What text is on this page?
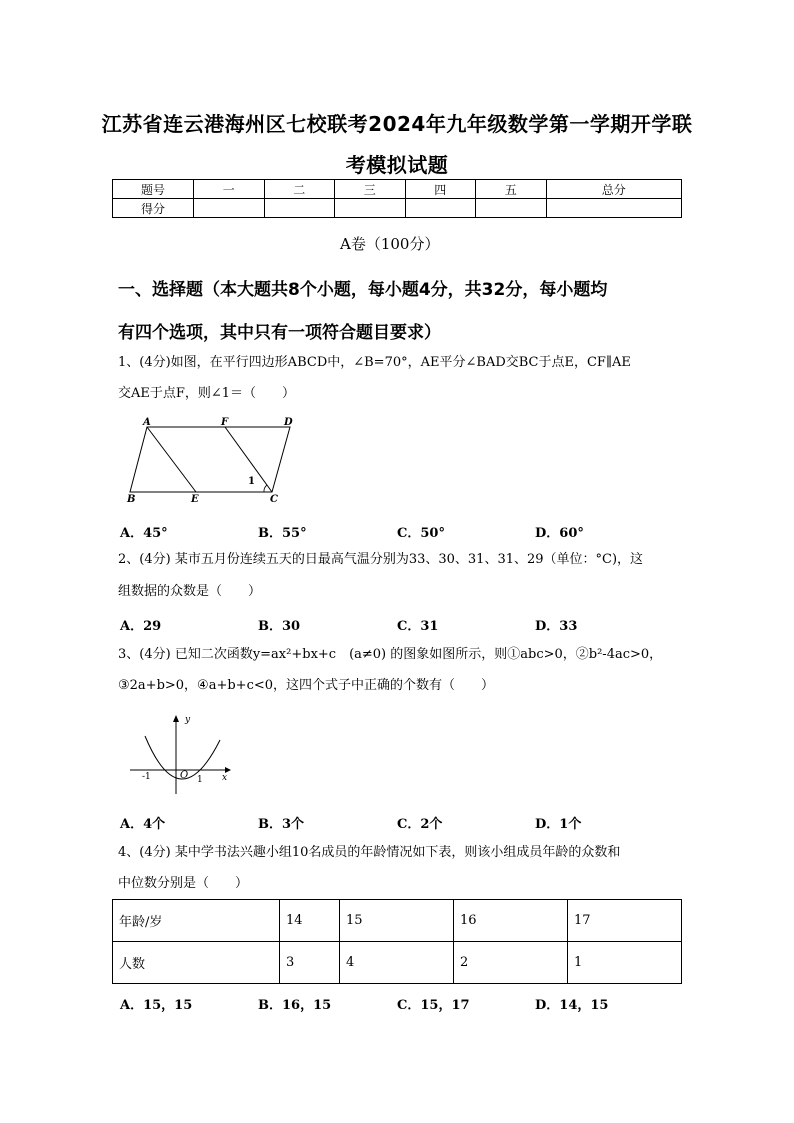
江苏省连云港海州区七校联考2024年九年级数学第一学期开学联
考模拟试题
题号	一	二	三	四	五	总分
得分						
A卷（100分）
一、选择题（本大题共8个小题，每小题4分，共32分，每小题均
有四个选项，其中只有一项符合题目要求）
1、(4分)如图，在平行四边形ABCD中，∠B=70°，AE平分∠BAD交BC于点E，CF∥AE
交AE于点F，则∠1＝（　　）
A	F	D
B	E	C
1
A．45°	B．55°	C．50°	D．60°
2、(4分) 某市五月份连续五天的日最高气温分别为33、30、31、31、29（单位：°C)，这
组数据的众数是（　　）
A．29	B．30	C．31	D．33
3、(4分) 已知二次函数y=ax²+bx+c　(a≠0) 的图象如图所示，则①abc>0，②b²-4ac>0，
③2a+b>0，④a+b+c<0，这四个式子中正确的个数有（　　）
y
x
O
-1	1
A．4个	B．3个	C．2个	D．1个
4、(4分) 某中学书法兴趣小组10名成员的年龄情况如下表，则该小组成员年龄的众数和
中位数分别是（　　）
年龄/岁	14	15	16	17
人数	3	4	2	1
A．15，15	B．16，15	C．15，17	D．14，15
